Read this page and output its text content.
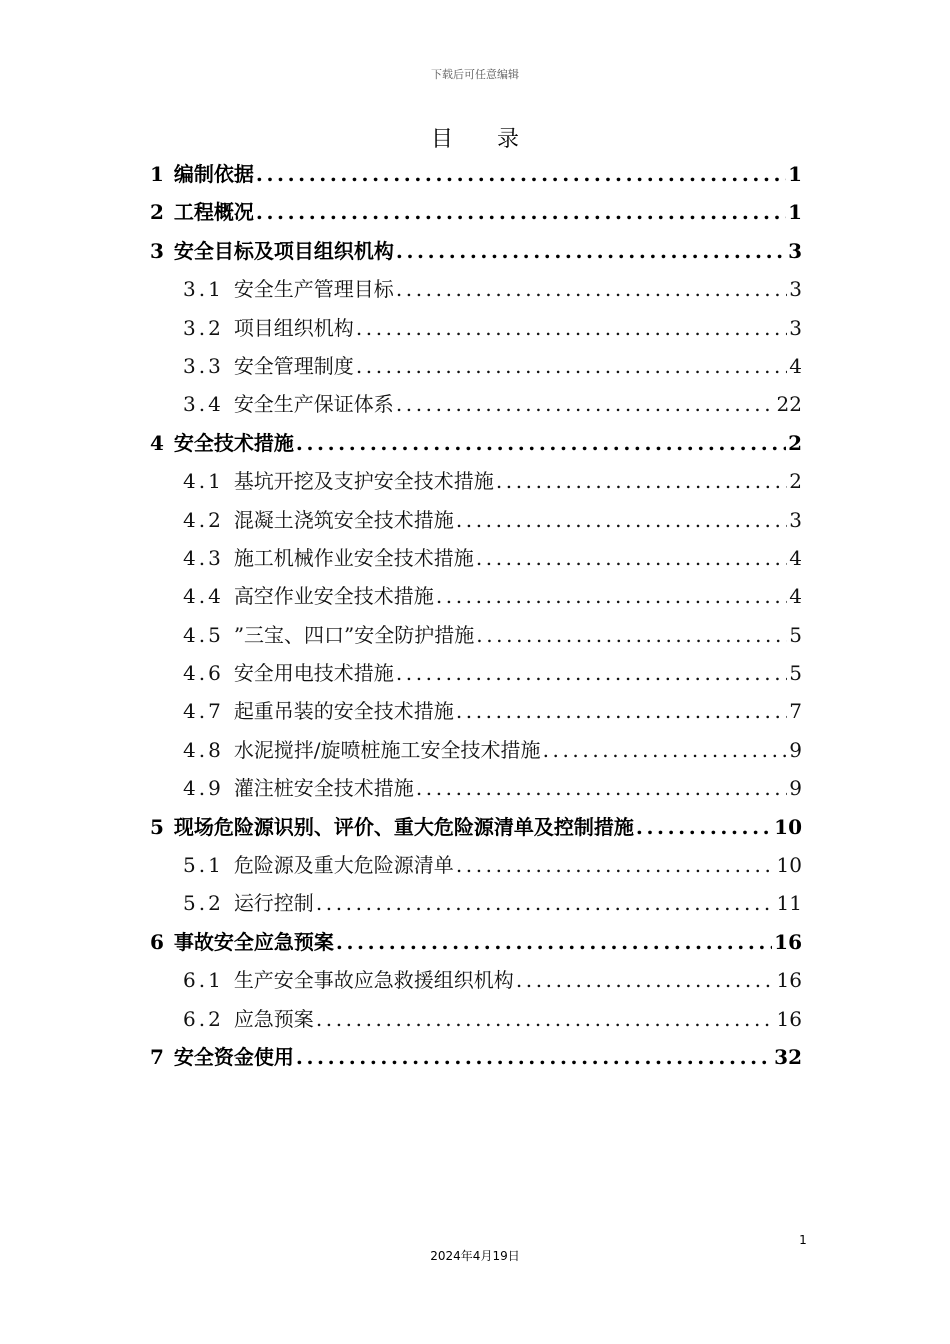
下载后可任意编辑
目 录
1 编制依据 .....	1
2 工程概况 .....	1
3 安全目标及项目组织机构 .....	3
3.1 安全生产管理目标 .....	3
3.2 项目组织机构 .....	3
3.3 安全管理制度 .....	4
3.4 安全生产保证体系 .....	22
4 安全技术措施 .....	2
4.1 基坑开挖及支护安全技术措施 .....	2
4.2 混凝土浇筑安全技术措施 .....	3
4.3 施工机械作业安全技术措施 .....	4
4.4 高空作业安全技术措施 .....	4
4.5 ”三宝、四口”安全防护措施 .....	5
4.6 安全用电技术措施 .....	5
4.7 起重吊装的安全技术措施 .....	7
4.8 水泥搅拌/旋喷桩施工安全技术措施 .....	9
4.9 灌注桩安全技术措施 .....	9
5 现场危险源识别、评价、重大危险源清单及控制措施 .....	10
5.1 危险源及重大危险源清单 .....	10
5.2 运行控制 .....	11
6 事故安全应急预案 .....	16
6.1 生产安全事故应急救援组织机构 .....	16
6.2 应急预案 .....	16
7 安全资金使用 .....	32
1
2024年4月19日
